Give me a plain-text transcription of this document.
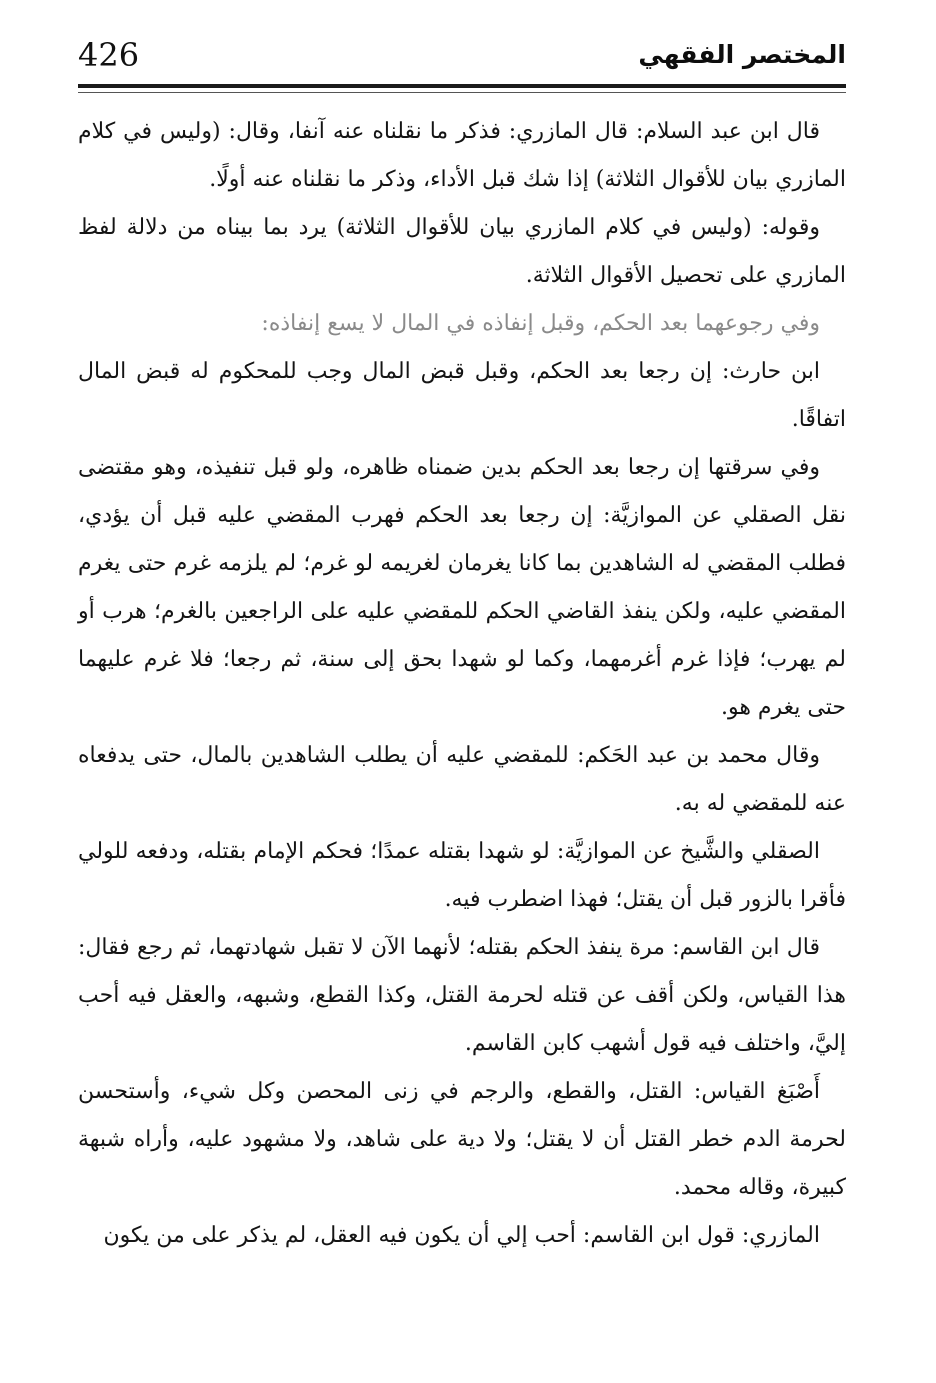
426	المختصر الفقهي

قال ابن عبد السلام: قال المازري: فذكر ما نقلناه عنه آنفا، وقال: (وليس في كلام المازري بيان للأقوال الثلاثة) إذا شك قبل الأداء، وذكر ما نقلناه عنه أولًا.

وقوله: (وليس في كلام المازري بيان للأقوال الثلاثة) يرد بما بيناه من دلالة لفظ المازري على تحصيل الأقوال الثلاثة.

وفي رجوعهما بعد الحكم، وقبل إنفاذه في المال لا يسع إنفاذه:

ابن حارث: إن رجعا بعد الحكم، وقبل قبض المال وجب للمحكوم له قبض المال اتفاقًا.

وفي سرقتها إن رجعا بعد الحكم بدين ضمناه ظاهره، ولو قبل تنفيذه، وهو مقتضى نقل الصقلي عن الموازيَّة: إن رجعا بعد الحكم فهرب المقضي عليه قبل أن يؤدي، فطلب المقضي له الشاهدين بما كانا يغرمان لغريمه لو غرم؛ لم يلزمه غرم حتى يغرم المقضي عليه، ولكن ينفذ القاضي الحكم للمقضي عليه على الراجعين بالغرم؛ هرب أو لم يهرب؛ فإذا غرم أغرمهما، وكما لو شهدا بحق إلى سنة، ثم رجعا؛ فلا غرم عليهما حتى يغرم هو.

وقال محمد بن عبد الحَكم: للمقضي عليه أن يطلب الشاهدين بالمال، حتى يدفعاه عنه للمقضي له به.

الصقلي والشَّيخ عن الموازيَّة: لو شهدا بقتله عمدًا؛ فحكم الإمام بقتله، ودفعه للولي فأقرا بالزور قبل أن يقتل؛ فهذا اضطرب فيه.

قال ابن القاسم: مرة ينفذ الحكم بقتله؛ لأنهما الآن لا تقبل شهادتهما، ثم رجع فقال: هذا القياس، ولكن أقف عن قتله لحرمة القتل، وكذا القطع، وشبهه، والعقل فيه أحب إليَّ، واختلف فيه قول أشهب كابن القاسم.

أَصْبَغ القياس: القتل، والقطع، والرجم في زنى المحصن وكل شيء، وأستحسن لحرمة الدم خطر القتل أن لا يقتل؛ ولا دية على شاهد، ولا مشهود عليه، وأراه شبهة كبيرة، وقاله محمد.

المازري: قول ابن القاسم: أحب إلي أن يكون فيه العقل، لم يذكر على من يكون
